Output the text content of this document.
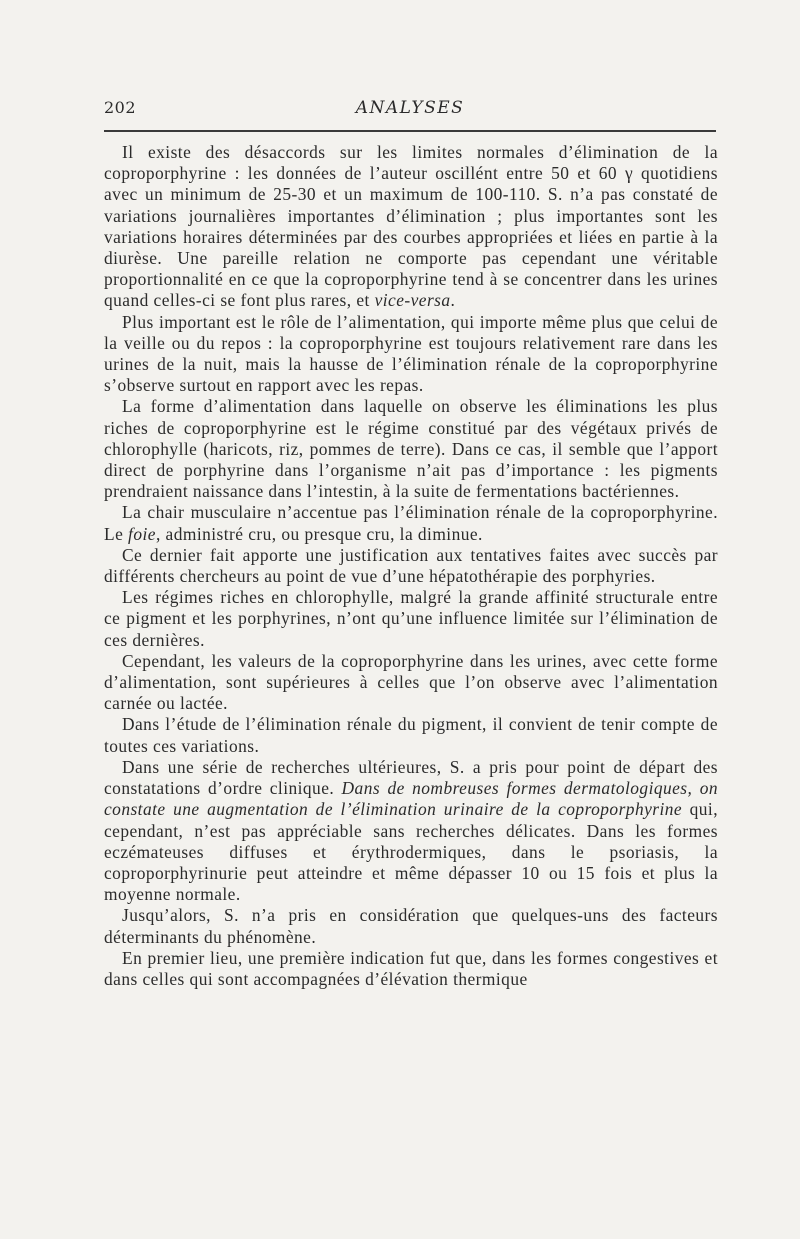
202	ANALYSES

Il existe des désaccords sur les limites normales d’élimination de la coproporphyrine : les données de l’auteur oscillént entre 50 et 60 γ quotidiens avec un minimum de 25-30 et un maximum de 100-110. S. n’a pas constaté de variations journalières importantes d’élimination ; plus importantes sont les variations horaires déterminées par des courbes appropriées et liées en partie à la diurèse. Une pareille relation ne comporte pas cependant une véritable proportionnalité en ce que la coproporphyrine tend à se concentrer dans les urines quand celles-ci se font plus rares, et vice-versa.

Plus important est le rôle de l’alimentation, qui importe même plus que celui de la veille ou du repos : la coproporphyrine est toujours relativement rare dans les urines de la nuit, mais la hausse de l’élimination rénale de la coproporphyrine s’observe surtout en rapport avec les repas.

La forme d’alimentation dans laquelle on observe les éliminations les plus riches de coproporphyrine est le régime constitué par des végétaux privés de chlorophylle (haricots, riz, pommes de terre). Dans ce cas, il semble que l’apport direct de porphyrine dans l’organisme n’ait pas d’importance : les pigments prendraient naissance dans l’intestin, à la suite de fermentations bactériennes.

La chair musculaire n’accentue pas l’élimination rénale de la coproporphyrine. Le foie, administré cru, ou presque cru, la diminue.

Ce dernier fait apporte une justification aux tentatives faites avec succès par différents chercheurs au point de vue d’une hépatothérapie des porphyries.

Les régimes riches en chlorophylle, malgré la grande affinité structurale entre ce pigment et les porphyrines, n’ont qu’une influence limitée sur l’élimination de ces dernières.

Cependant, les valeurs de la coproporphyrine dans les urines, avec cette forme d’alimentation, sont supérieures à celles que l’on observe avec l’alimentation carnée ou lactée.

Dans l’étude de l’élimination rénale du pigment, il convient de tenir compte de toutes ces variations.

Dans une série de recherches ultérieures, S. a pris pour point de départ des constatations d’ordre clinique. Dans de nombreuses formes dermatologiques, on constate une augmentation de l’élimination urinaire de la coproporphyrine qui, cependant, n’est pas appréciable sans recherches délicates. Dans les formes eczémateuses diffuses et érythrodermiques, dans le psoriasis, la coproporphyrinurie peut atteindre et même dépasser 10 ou 15 fois et plus la moyenne normale.

Jusqu’alors, S. n’a pris en considération que quelques-uns des facteurs déterminants du phénomène.

En premier lieu, une première indication fut que, dans les formes congestives et dans celles qui sont accompagnées d’élévation thermique
